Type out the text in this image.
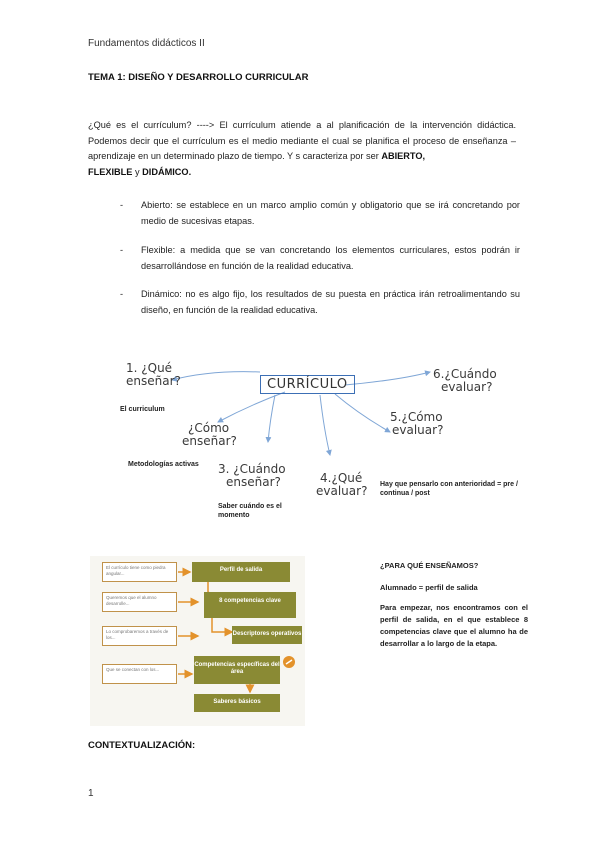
Fundamentos didácticos II
TEMA 1: DISEÑO Y DESARROLLO CURRICULAR
¿Qué es el currículum? ----> El currículum atiende a al planificación de la intervención didáctica. Podemos decir que el currículum es el medio mediante el cual se planifica el proceso de enseñanza – aprendizaje en un determinado plazo de tiempo. Y s caracteriza por ser ABIERTO,
FLEXIBLE y DIDÁMICO.
- Abierto: se establece en un marco amplio común y obligatorio que se irá concretando por medio de sucesivas etapas.
- Flexible: a medida que se van concretando los elementos curriculares, estos podrán ir desarrollándose en función de la realidad educativa.
- Dinámico: no es algo fijo, los resultados de su puesta en práctica irán retroalimentando su diseño, en función de la realidad educativa.
CURRÍCULO
1. ¿Qué
enseñar?
El curriculum
¿Cómo
enseñar?
Metodologías activas 3. ¿Cuándo
enseñar?
Saber cuándo es el momento
4.¿Qué
evaluar?
5.¿Cómo
evaluar?
6.¿Cuándo
evaluar?
Hay que pensarlo con anterioridad = pre / continua / post
El currículo tiene como piedra angular...
Queremos que el alumno desarrolle...
Lo comprobaremos a través de los...
Que se conectan con los...
Perfil de salida
8 competencias clave
Descriptores operativos
Competencias específicas del área
Saberes básicos
¿PARA QUÉ ENSEÑAMOS?
Alumnado = perfil de salida
Para empezar, nos encontramos con el perfil de salida, en el que establece 8 competencias clave que el alumno ha de desarrollar a lo largo de la etapa.
CONTEXTUALIZACIÓN:
1
